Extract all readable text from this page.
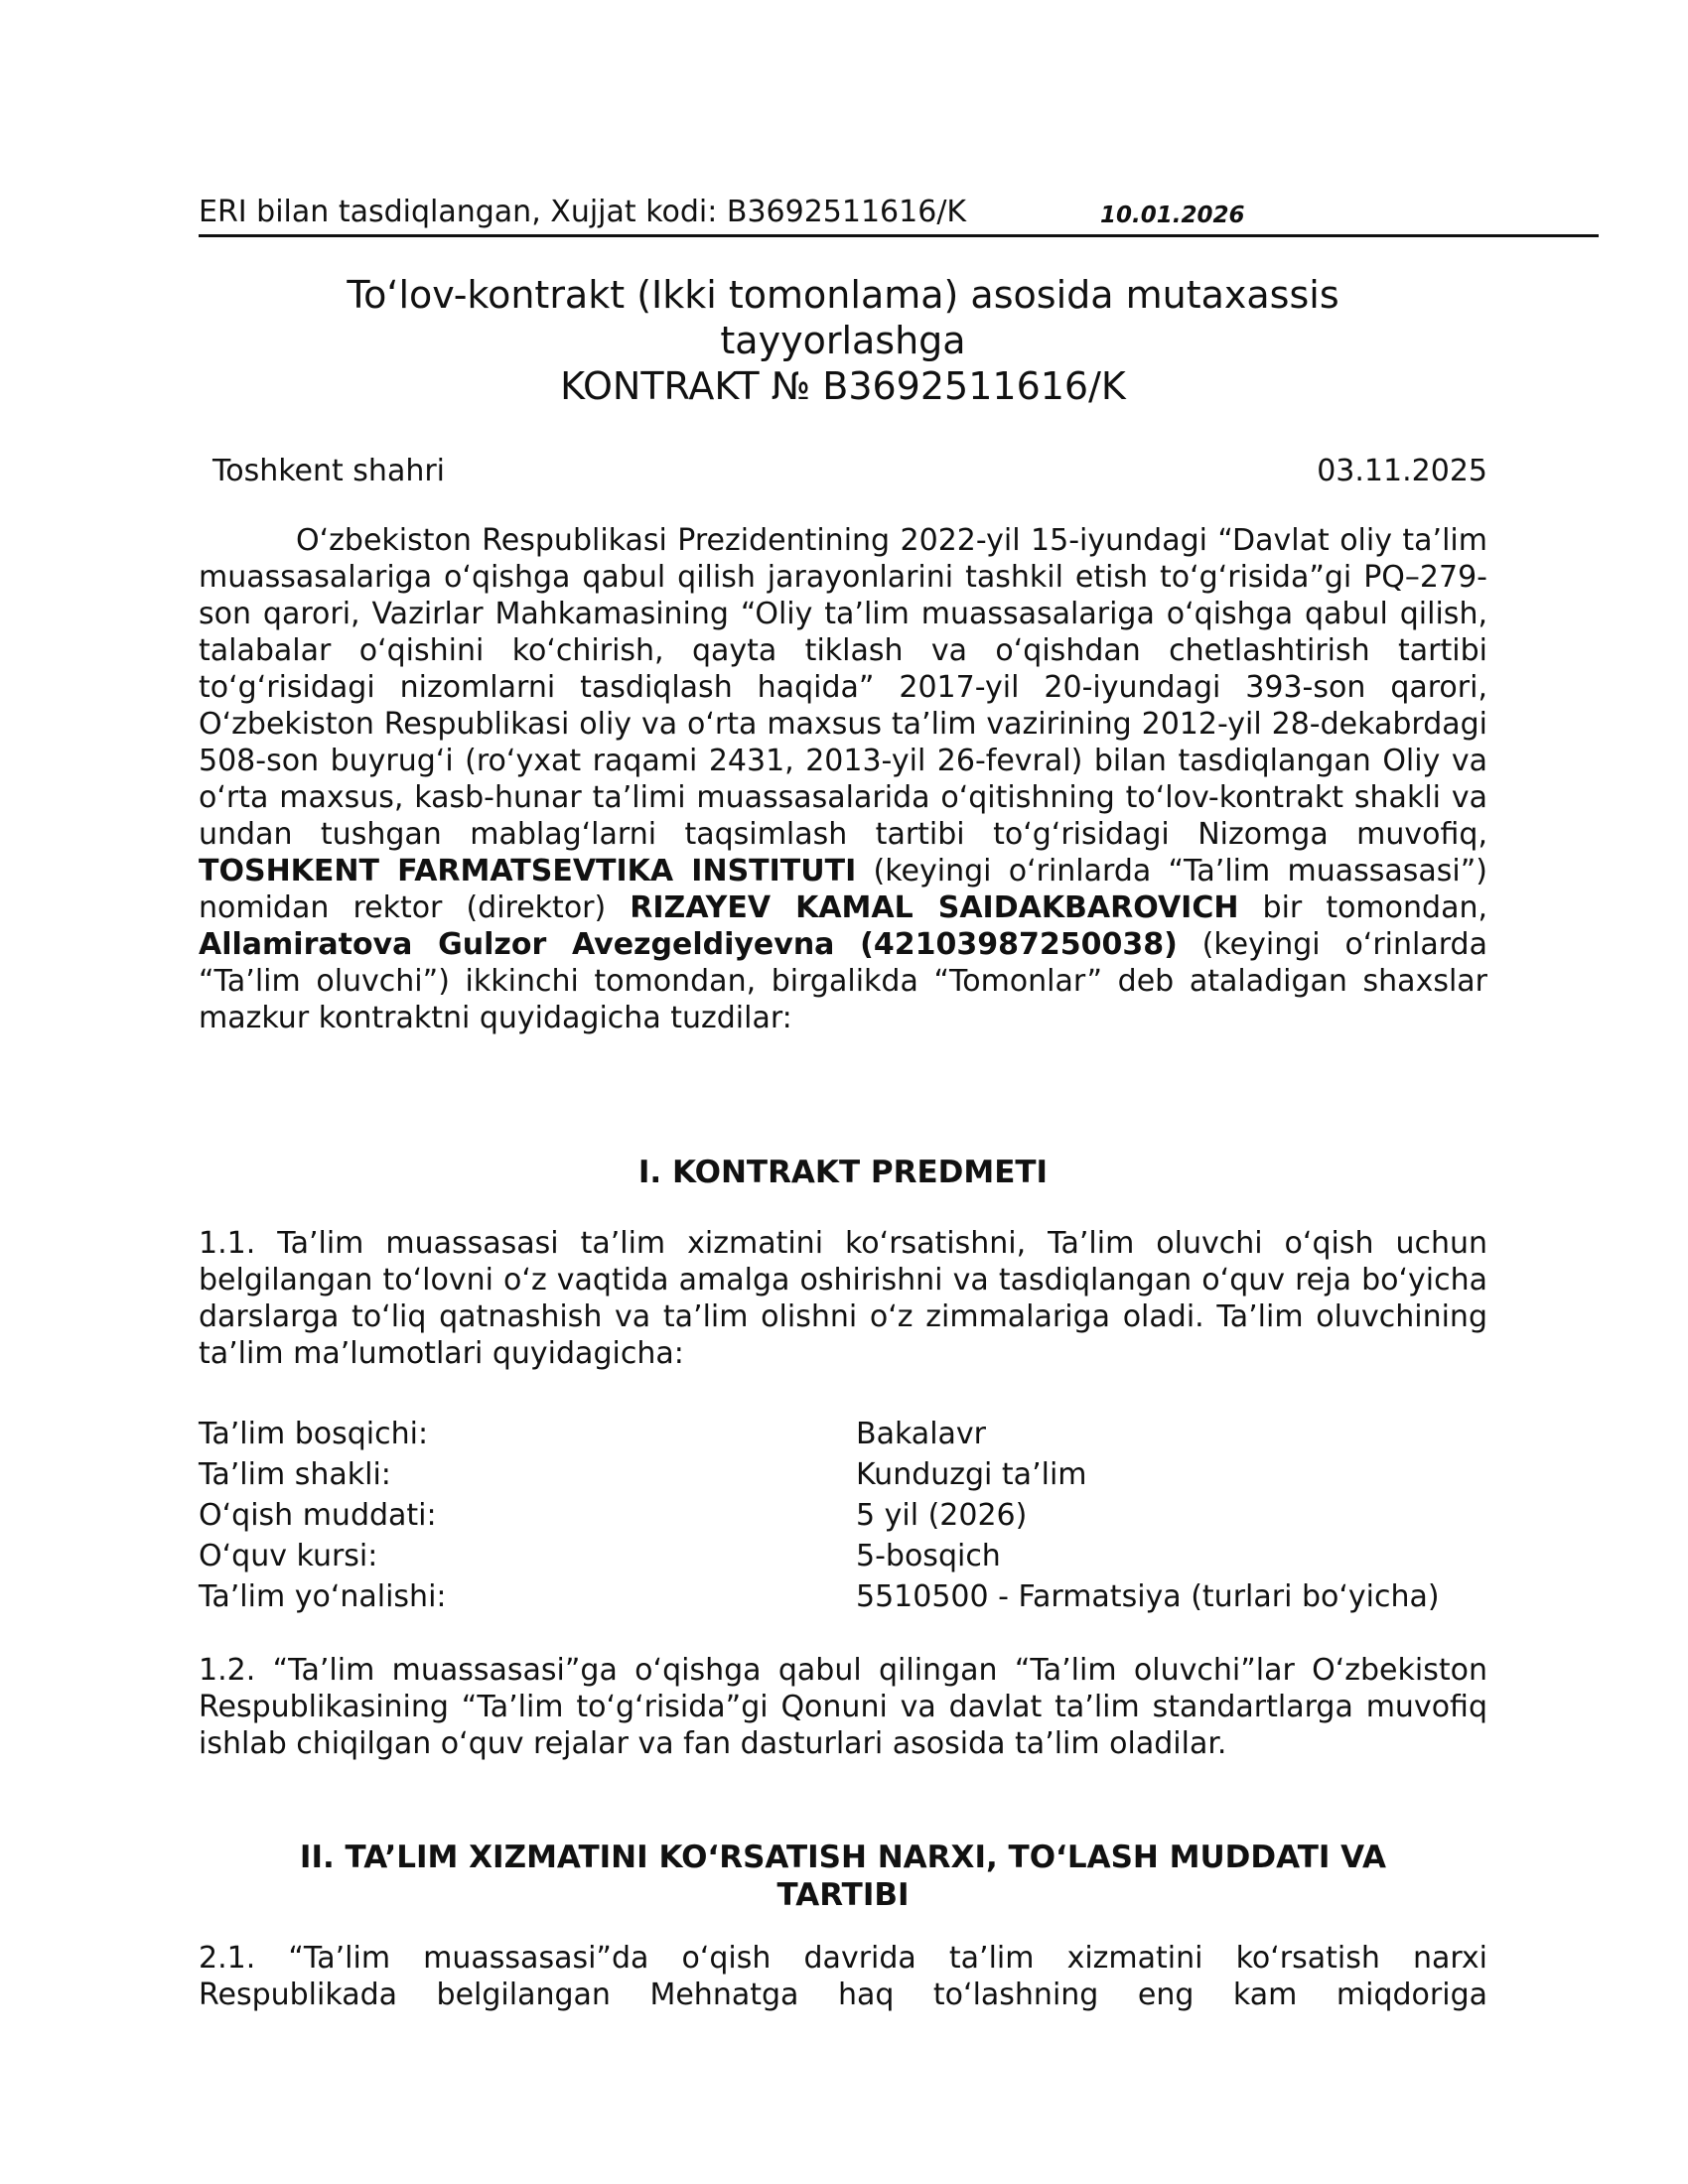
ERI bilan tasdiqlangan, Xujjat kodi: B3692511616/K	10.01.2026
To‘lov-kontrakt (Ikki tomonlama) asosida mutaxassis
tayyorlashga
KONTRAKT № B3692511616/K
Toshkent shahri	03.11.2025
O‘zbekiston Respublikasi Prezidentining 2022-yil 15-iyundagi “Davlat oliy ta’lim muassasalariga o‘qishga qabul qilish jarayonlarini tashkil etish to‘g‘risida”gi PQ–279-son qarori, Vazirlar Mahkamasining “Oliy ta’lim muassasalariga o‘qishga qabul qilish, talabalar o‘qishini ko‘chirish, qayta tiklash va o‘qishdan chetlashtirish tartibi to‘g‘risidagi nizomlarni tasdiqlash haqida” 2017-yil 20-iyundagi 393-son qarori, O‘zbekiston Respublikasi oliy va o‘rta maxsus ta’lim vazirining 2012-yil 28-dekabrdagi 508-son buyrug‘i (ro‘yxat raqami 2431, 2013-yil 26-fevral) bilan tasdiqlangan Oliy va o‘rta maxsus, kasb-hunar ta’limi muassasalarida o‘qitishning to‘lov-kontrakt shakli va undan tushgan mablag‘larni taqsimlash tartibi to‘g‘risidagi Nizomga muvofiq, TOSHKENT FARMATSEVTIKA INSTITUTI (keyingi o‘rinlarda “Ta’lim muassasasi”) nomidan rektor (direktor) RIZAYEV KAMAL SAIDAKBAROVICH bir tomondan, Allamiratova Gulzor Avezgeldiyevna (42103987250038) (keyingi o‘rinlarda “Ta’lim oluvchi”) ikkinchi tomondan, birgalikda “Tomonlar” deb ataladigan shaxslar mazkur kontraktni quyidagicha tuzdilar:
I. KONTRAKT PREDMETI
1.1. Ta’lim muassasasi ta’lim xizmatini ko‘rsatishni, Ta’lim oluvchi o‘qish uchun belgilangan to‘lovni o‘z vaqtida amalga oshirishni va tasdiqlangan o‘quv reja bo‘yicha darslarga to‘liq qatnashish va ta’lim olishni o‘z zimmalariga oladi. Ta’lim oluvchining ta’lim ma’lumotlari quyidagicha:
Ta’lim bosqichi:	Bakalavr
Ta’lim shakli:	Kunduzgi ta’lim
O‘qish muddati:	5 yil (2026)
O‘quv kursi:	5-bosqich
Ta’lim yo‘nalishi:	5510500 - Farmatsiya (turlari bo‘yicha)
1.2. “Ta’lim muassasasi”ga o‘qishga qabul qilingan “Ta’lim oluvchi”lar O‘zbekiston Respublikasining “Ta’lim to‘g‘risida”gi Qonuni va davlat ta’lim standartlarga muvofiq ishlab chiqilgan o‘quv rejalar va fan dasturlari asosida ta’lim oladilar.
II. TA’LIM XIZMATINI KO‘RSATISH NARXI, TO‘LASH MUDDATI VA
TARTIBI
2.1. “Ta’lim muassasasi”da o‘qish davrida ta’lim xizmatini ko‘rsatish narxi Respublikada belgilangan Mehnatga haq to‘lashning eng kam miqdoriga
